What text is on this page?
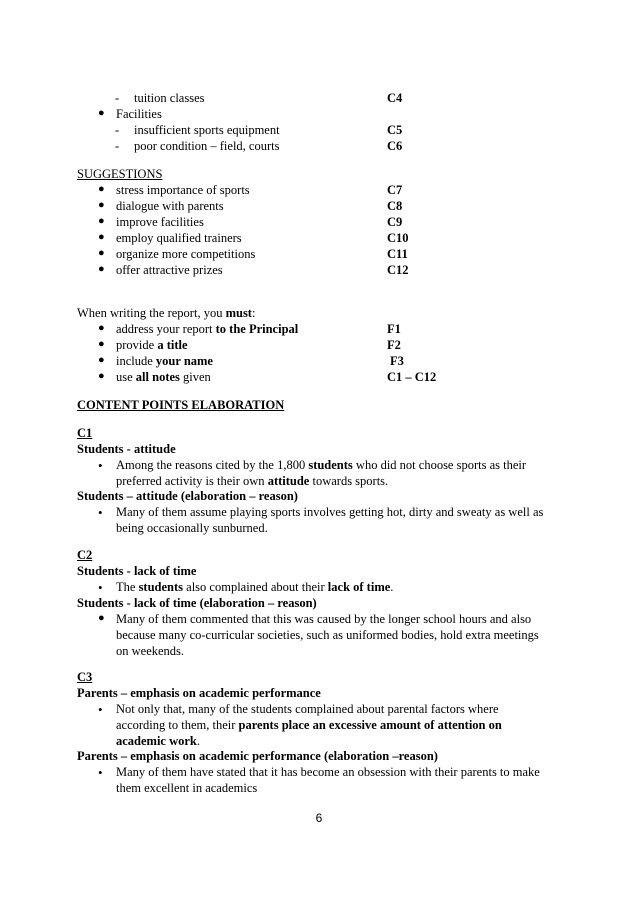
- tuition classes	C4
● Facilities
- insufficient sports equipment	C5
- poor condition – field, courts	C6
SUGGESTIONS
● stress importance of sports	C7
● dialogue with parents	C8
● improve facilities	C9
● employ qualified trainers	C10
● organize more competitions	C11
● offer attractive prizes	C12
When writing the report, you must:
● address your report to the Principal	F1
● provide a title	F2
● include your name	F3
● use all notes given	C1 – C12
CONTENT POINTS ELABORATION
C1
Students - attitude
• Among the reasons cited by the 1,800 students who did not choose sports as their
preferred activity is their own attitude towards sports.
Students – attitude (elaboration – reason)
• Many of them assume playing sports involves getting hot, dirty and sweaty as well as
being occasionally sunburned.
C2
Students - lack of time
• The students also complained about their lack of time.
Students - lack of time (elaboration – reason)
● Many of them commented that this was caused by the longer school hours and also
because many co-curricular societies, such as uniformed bodies, hold extra meetings
on weekends.
C3
Parents – emphasis on academic performance
• Not only that, many of the students complained about parental factors where
according to them, their parents place an excessive amount of attention on
academic work.
Parents – emphasis on academic performance (elaboration –reason)
• Many of them have stated that it has become an obsession with their parents to make
them excellent in academics
6
